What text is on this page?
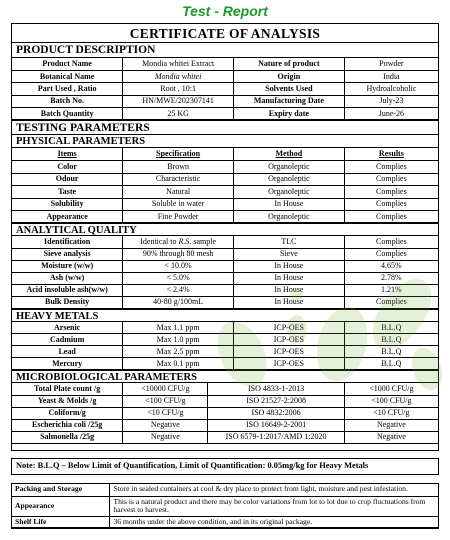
Test - Report
CERTIFICATE OF ANALYSIS
PRODUCT DESCRIPTION
Product Name	Mondia whitei Extract	Nature of product	Powder
Botanical Name	Mondia whitei	Origin	India
Part Used , Ratio	Root , 10:1	Solvents Used	Hydroalcoholic
Batch No.	HN/MWE/202307141	Manufacturing Date	July-23
Batch Quantity	25 KG	Expiry date	June-26
TESTING PARAMETERS
PHYSICAL PARAMETERS
Items	Specification	Method	Results
Color	Brown	Organoleptic	Complies
Odour	Characteristic	Organoleptic	Complies
Taste	Natural	Organoleptic	Complies
Solubility	Soluble in water	In House	Complies
Appearance	Fine Powder	Organoleptic	Complies
ANALYTICAL QUALITY
Identification	Identical to R.S. sample	TLC	Complies
Sieve analysis	90% through 80 mesh	Sieve	Complies
Moisture (w/w)	< 10.0%	In House	4.65%
Ash (w/w)	< 5.0%	In House	2.78%
Acid insoluble ash(w/w)	< 2.4%	In House	1.21%
Bulk Density	40-80 g/100mL	In House	Complies
HEAVY METALS
Arsenic	Max 1.1 ppm	ICP-OES	B.L.Q
Cadmium	Max 1.0 ppm	ICP-OES	B.L.Q
Lead	Max 2.5 ppm	ICP-OES	B.L.Q
Mercury	Max 0.1 ppm	ICP-OES	B.L.Q
MICROBIOLOGICAL PARAMETERS
Total Plate count /g	<10000 CFU/g	ISO 4833-1-2013	<1000 CFU/g
Yeast & Molds /g	<100 CFU/g	ISO 21527-2:2008	<100 CFU/g
Coliform/g	<10 CFU/g	ISO 4832:2006	<10 CFU/g
Escherichia coli /25g	Negative	ISO 16649-2-2001	Negative
Salmonella /25g	Negative	ISO 6579-1:2017/AMD 1:2020	Negative
Note: B.L.Q – Below Limit of Quantification, Limit of Quantification: 0.05mg/kg for Heavy Metals
Packing and Storage	Store in sealed containers at cool & dry place to protect from light, moisture and pest infestation.
Appearance	This is a natural product and there may be color variations from lot to lot due to crop fluctuations from harvest to harvest.
Shelf Life	36 months under the above condition, and in its original package.
